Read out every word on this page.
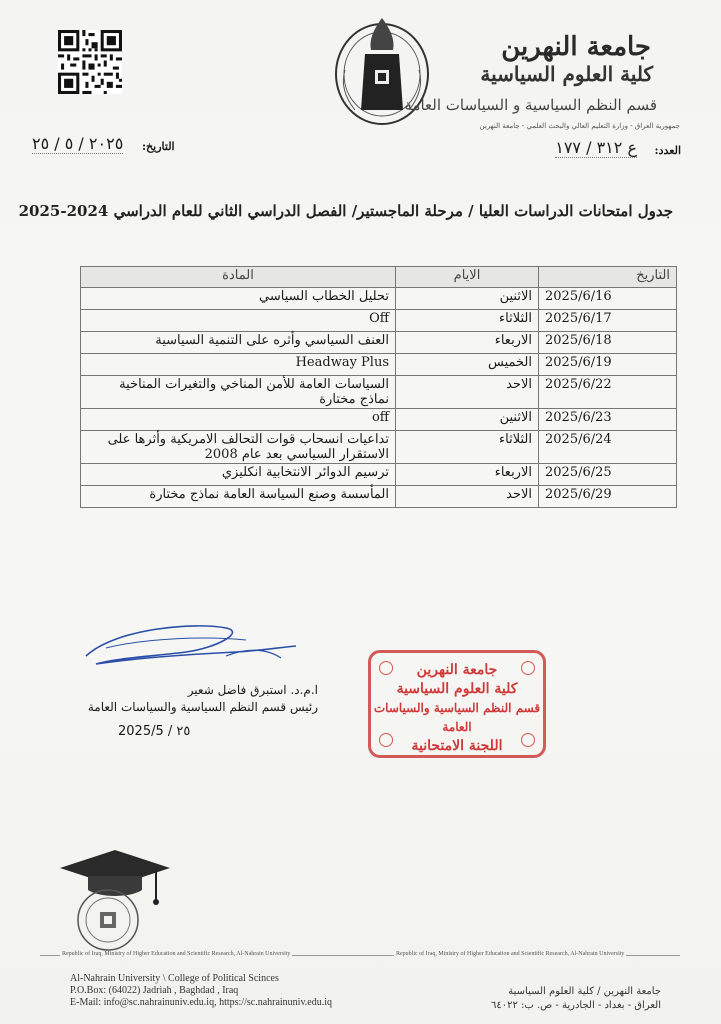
جامعة النهرين
كلية العلوم السياسية
قسم النظم السياسية و السياسات العامة
جمهورية العراق - وزارة التعليم العالي والبحث العلمي - جامعة النهرين
العدد:
ع ٣١٢ / ١٧٧
التاريخ:
٢٠٢٥ / ٥ / ٢٥
جدول امتحانات الدراسات العليا / مرحلة الماجستير/ الفصل الدراسي الثاني للعام الدراسي 2024-2025
التاريخ	الايام	المادة
2025/6/16	الاثنين	تحليل الخطاب السياسي
2025/6/17	الثلاثاء	Off
2025/6/18	الاربعاء	العنف السياسي وأثره على التنمية السياسية
2025/6/19	الخميس	Headway Plus
2025/6/22	الاحد	السياسات العامة للأمن المناخي والتغيرات المناخية نماذج مختارة
2025/6/23	الاثنين	off
2025/6/24	الثلاثاء	تداعيات انسحاب قوات التحالف الامريكية وأثرها على الاستقرار السياسي بعد عام 2008
2025/6/25	الاربعاء	ترسيم الدوائر الانتخابية انكليزي
2025/6/29	الاحد	المأسسة وصنع السياسة العامة نماذج مختارة
ا.م.د. استبرق فاضل شعير
رئيس قسم النظم السياسية والسياسات العامة
2025/5 / ٢٥
جامعة النهرين
كلية العلوم السياسية
قسم النظم السياسية والسياسات العامة
اللجنة الامتحانية
Republic of Iraq, Ministry of Higher Education and Scientific Research, Al-Nahrain University	Republic of Iraq, Ministry of Higher Education and Scientific Research, Al-Nahrain University
Al-Nahrain University \ College of Political Scinces
P.O.Box: (64022) Jadriah , Baghdad , Iraq
E-Mail: info@sc.nahrainuniv.edu.iq, https://sc.nahrainuniv.edu.iq
جامعة النهرين / كلية العلوم السياسية
العراق - بغداد - الجادرية - ص. ب: ٦٤٠٢٢
